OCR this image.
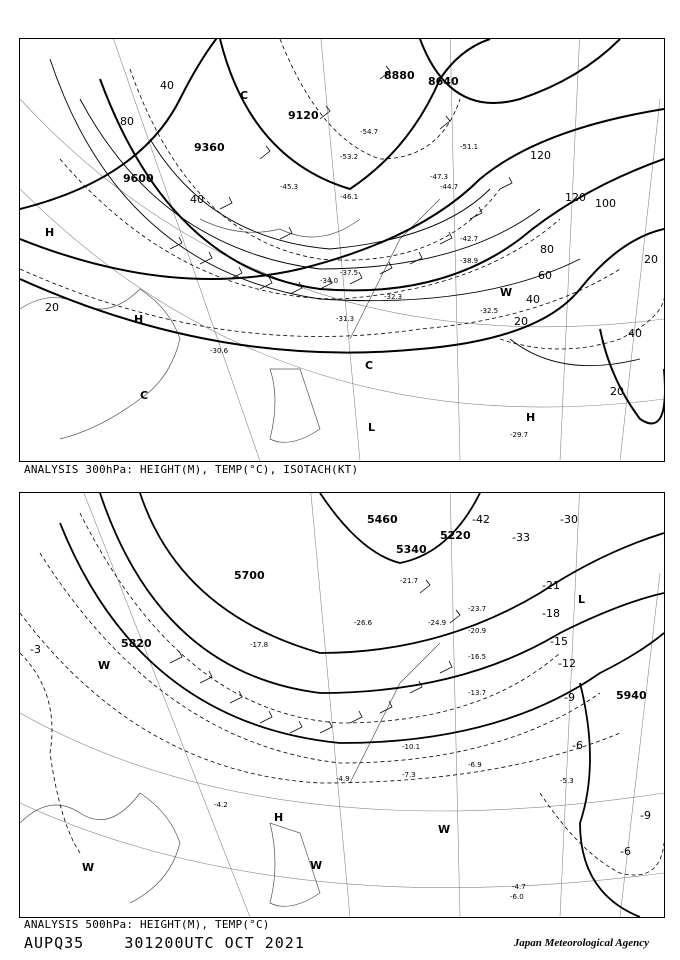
9360
9600
9120
8880 8640
40
80
120
100
120
80
60
40
20
20
40
20
20
40
H
H
L
H
C
C
C
W
-51.1
-53.2
-47.3
-42.7
-38.9
-37.5
-32.3
-31.3
-32.5
-30.6
-29.7
-34.0
-46.1
-44.7
-45.3
-54.7
ANALYSIS 300hPa: HEIGHT(M), TEMP(°C), ISOTACH(KT)
5700
5820
5460
5340
5220
5940
-42
-33
-30
-21
-18
-15
-12
-9
-6
-3
-9
-6
H
L
W
W
W
W
-23.7
-24.9
-21.7
-20.9
-16.5
-13.7
-10.1
-7.3
-6.9
-4.9
-4.2
-4.7
-5.3
-6.0
-26.6
-17.8
ANALYSIS 500hPa: HEIGHT(M), TEMP(°C)
AUPQ35	301200UTC OCT 2021	Japan Meteorological Agency
